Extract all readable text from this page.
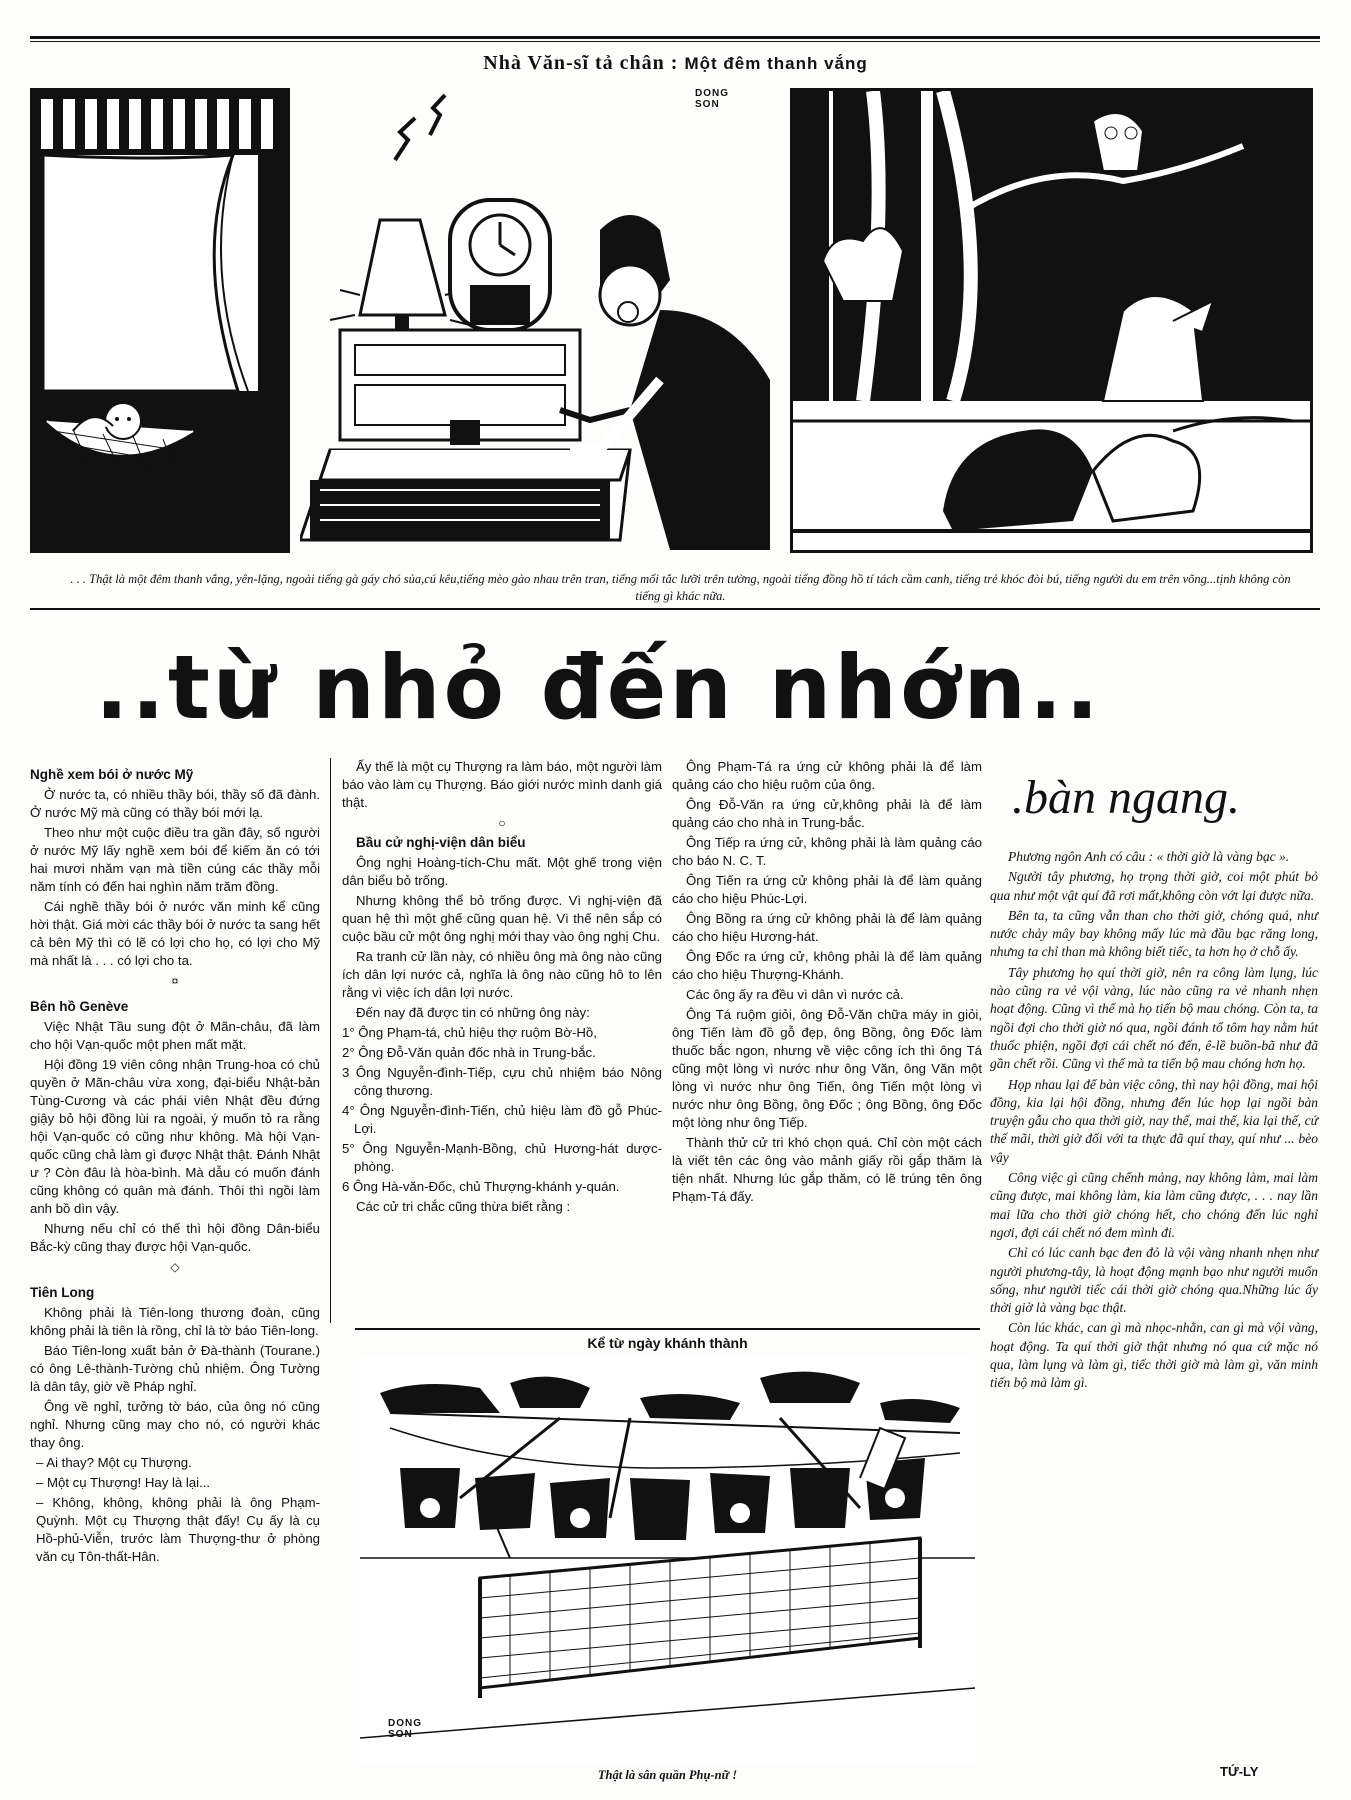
Nhà Văn-sĩ tả chân : Một đêm thanh vắng
DONG
SON
. . . Thật là một đêm thanh vắng, yên-lặng, ngoài tiếng gà gáy chó sủa,cú kêu,tiếng mèo gào nhau trên tran, tiếng mối tắc lưỡi trên tường, ngoài tiếng đồng hồ tí tách cầm canh, tiếng trẻ khóc đòi bú, tiếng người du em trên võng...tịnh không còn tiếng gì khác nữa.
..từ nhỏ đến nhớn..
Nghề xem bói ở nước Mỹ

Ở nước ta, có nhiều thầy bói, thầy số đã đành. Ở nước Mỹ mà cũng có thầy bói mới lạ.

Theo như một cuộc điều tra gần đây, số người ở nước Mỹ lấy nghề xem bói để kiếm ăn có tới hai mươi nhăm vạn mà tiền cúng các thầy mỗi năm tính có đến hai nghìn năm trăm đồng.

Cái nghề thầy bói ở nước văn minh kể cũng hời thật. Giá mời các thầy bói ở nước ta sang hết cả bên Mỹ thì có lẽ có lợi cho họ, có lợi cho Mỹ mà nhất là . . . có lợi cho ta.

¤
Bên hồ Genève

Việc Nhật Tầu sung đột ở Mãn-châu, đã làm cho hội Vạn-quốc một phen mất mặt.

Hội đồng 19 viên công nhận Trung-hoa có chủ quyền ở Mãn-châu vừa xong, đại-biểu Nhật-bản Tùng-Cương và các phái viên Nhật đều đứng giậy bỏ hội đồng lùi ra ngoài, ý muốn tỏ ra rằng hội Vạn-quốc có cũng như không. Mà hội Vạn-quốc cũng chả làm gì được Nhật thật. Đánh Nhật ư ? Còn đâu là hòa-bình. Mà dẫu có muốn đánh cũng không có quân mà đánh. Thôi thì ngồi làm anh bồ dìn vậy.

Nhưng nếu chỉ có thế thì hội đồng Dân-biểu Bắc-kỳ cũng thay được hội Vạn-quốc.

◇
Tiên Long

Không phải là Tiên-long thương đoàn, cũng không phải là tiên là rồng, chỉ là tờ báo Tiên-long.

Báo Tiên-long xuất bản ở Đà-thành (Tourane.) có ông Lê-thành-Tường chủ nhiệm. Ông Tường là dân tây, giờ về Pháp nghỉ.

Ông về nghỉ, tưởng tờ báo, của ông nó cũng nghỉ. Nhưng cũng may cho nó, có người khác thay ông.

– Ai thay? Một cụ Thượng.

– Một cụ Thượng! Hay là lại...

– Không, không, không phải là ông Phạm-Quỳnh. Một cụ Thượng thật đấy! Cụ ấy là cụ Hồ-phủ-Viễn, trước làm Thượng-thư ở phòng văn cụ Tôn-thất-Hân.

Ấy thế là một cụ Thượng ra làm báo, một người làm báo vào làm cụ Thượng. Báo giới nước mình danh giá thật.

○
Bầu cử nghị-viện dân biểu

Ông nghị Hoàng-tích-Chu mất. Một ghế trong viện dân biểu bỏ trống.

Nhưng không thể bỏ trống được. Vì nghị-viện đã quan hệ thì một ghế cũng quan hệ. Vì thế nên sắp có cuộc bầu cử một ông nghị mới thay vào ông nghị Chu.

Ra tranh cử lần này, có nhiều ông mà ông nào cũng ích dân lợi nước cả, nghĩa là ông nào cũng hô to lên rằng vì việc ích dân lợi nước.

Đến nay đã được tin có những ông này:

1° Ông Phạm-tá, chủ hiệu thợ ruộm Bờ-Hồ,

2° Ông Đỗ-Văn quản đốc nhà in Trung-bắc.

3 Ông Nguyễn-đình-Tiếp, cựu chủ nhiệm báo Nông công thương.

4° Ông Nguyễn-đình-Tiến, chủ hiệu làm đồ gỗ Phúc-Lợi.

5° Ông Nguyễn-Mạnh-Bồng, chủ Hương-hát dược-phòng.

6 Ông Hà-văn-Đốc, chủ Thượng-khánh y-quán.

Các cử tri chắc cũng thừa biết rằng :

Ông Phạm-Tá ra ứng cử không phải là để làm quảng cáo cho hiệu ruộm của ông.

Ông Đỗ-Văn ra ứng cử,không phải là để làm quảng cáo cho nhà in Trung-bắc.

Ông Tiếp ra ứng cử, không phải là làm quảng cáo cho báo N. C. T.

Ông Tiến ra ứng cử không phải là để làm quảng cáo cho hiệu Phúc-Lợi.

Ông Bồng ra ứng cử không phải là để làm quảng cáo cho hiệu Hương-hát.

Ông Đốc ra ứng cử, không phải là để làm quảng cáo cho hiệu Thượng-Khánh.

Các ông ấy ra đều vì dân vì nước cả.

Ông Tá ruộm giỏi, ông Đỗ-Văn chữa máy in giỏi, ông Tiến làm đồ gỗ đẹp, ông Bồng, ông Đốc làm thuốc bắc ngon, nhưng về việc công ích thì ông Tá cũng một lòng vì nước như ông Văn, ông Văn một lòng vì nước như ông Tiến, ông Tiến một lòng vì nước như ông Bồng, ông Đốc ; ông Bồng, ông Đốc một lòng như ông Tiếp.

Thành thử cử tri khó chọn quá. Chỉ còn một cách là viết tên các ông vào mảnh giấy rồi gắp thăm là tiện nhất. Nhưng lúc gắp thăm, có lẽ trúng tên ông Phạm-Tá đấy.

.bàn ngang.

Phương ngôn Anh có câu : « thời giờ là vàng bạc ».

Người tây phương, họ trọng thời giờ, coi một phút bỏ qua như một vật quí đã rơi mất,không còn vớt lại được nữa.

Bên ta, ta cũng vẫn than cho thời giờ, chóng quá, như nước chảy mây bay không mấy lúc mà đầu bạc răng long, nhưng ta chỉ than mà không biết tiếc, ta hơn họ ở chỗ ấy.

Tây phương họ quí thời giờ, nên ra công làm lụng, lúc nào cũng ra vẻ vội vàng, lúc nào cũng ra vẻ nhanh nhẹn hoạt động. Cũng vì thế mà họ tiến bộ mau chóng. Còn ta, ta ngồi đợi cho thời giờ nó qua, ngồi đánh tổ tôm hay nằm hút thuốc phiện, ngồi đợi cái chết nó đến, ê-lề buồn-bã như đã gần chết rồi. Cũng vì thế mà ta tiến bộ mau chóng hơn họ.

Họp nhau lại để bàn việc công, thì nay hội đồng, mai hội đồng, kia lại hội đồng, nhưng đến lúc họp lại ngồi bàn truyện gẫu cho qua thời giờ, nay thế, mai thế, kia lại thế, cứ thế mãi, thời giờ đối với ta thực đã quí thay, quí như ... bèo vậy

Công việc gì cũng chểnh mảng, nay không làm, mai làm cũng được, mai không làm, kia làm cũng được, . . . nay lần mai lữa cho thời giờ chóng hết, cho chóng đến lúc nghỉ ngơi, đợi cái chết nó đem mình đi.

Chỉ có lúc canh bạc đen đỏ là vội vàng nhanh nhẹn như người phương-tây, là hoạt động mạnh bạo như người muốn sống, như người tiếc cái thời giờ chóng qua.Những lúc ấy thời giờ là vàng bạc thật.

Còn lúc khác, can gì mà nhọc-nhằn, can gì mà vội vàng, hoạt động. Ta quí thời giờ thật nhưng nó qua cứ mặc nó qua, làm lụng và làm gì, tiếc thời giờ mà làm gì, văn minh tiến bộ mà làm gì.

TỨ-LY
Kể từ ngày khánh thành
DONG
SON
Thật là sân quần Phụ-nữ !
